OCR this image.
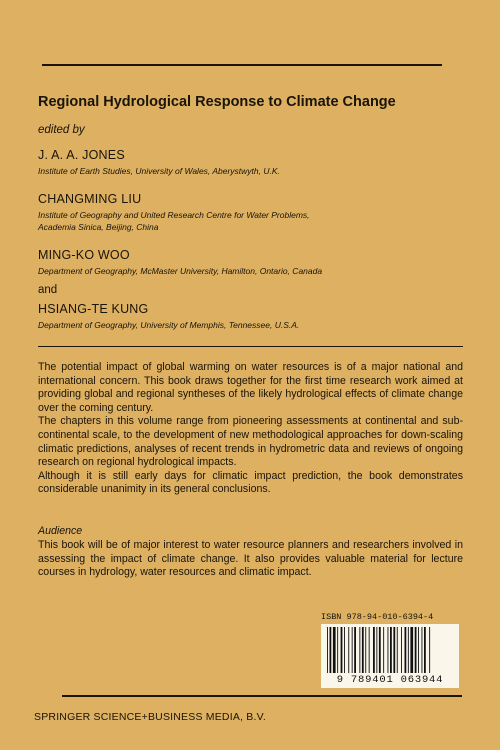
Regional Hydrological Response to Climate Change
edited by
J. A. A. JONES
Institute of Earth Studies, University of Wales, Aberystwyth, U.K.
CHANGMING LIU
Institute of Geography and United Research Centre for Water Problems,
Academia Sinica, Beijing, China
MING-KO WOO
Department of Geography, McMaster University, Hamilton, Ontario, Canada
and
HSIANG-TE KUNG
Department of Geography, University of Memphis, Tennessee, U.S.A.

The potential impact of global warming on water resources is of a major national and international concern. This book draws together for the first time research work aimed at providing global and regional syntheses of the likely hydrological effects of climate change over the coming century.

The chapters in this volume range from pioneering assessments at continental and sub-continental scale, to the development of new methodological approaches for down-scaling climatic predictions, analyses of recent trends in hydrometric data and reviews of ongoing research on regional hydrological impacts.

Although it is still early days for climatic impact prediction, the book demonstrates considerable unanimity in its general conclusions.

Audience
This book will be of major interest to water resource planners and researchers involved in assessing the impact of climate change. It also provides valuable material for lecture courses in hydrology, water resources and climatic impact.
ISBN 978-94-010-6394-4
9 789401 063944
SPRINGER SCIENCE+BUSINESS MEDIA, B.V.
